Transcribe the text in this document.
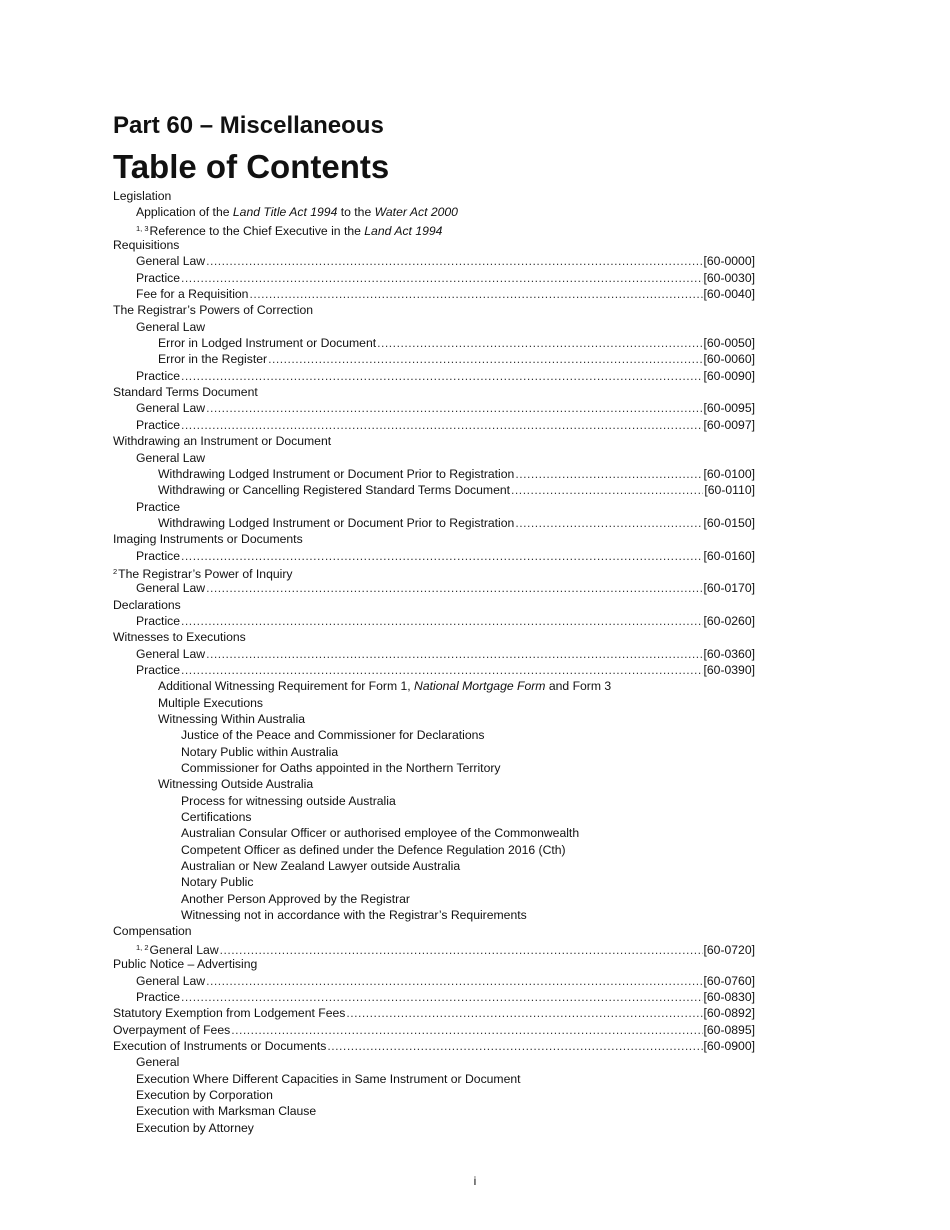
Part 60 – Miscellaneous
Table of Contents
Legislation
Application of the Land Title Act 1994 to the Water Act 2000
$^{1, 3}$Reference to the Chief Executive in the Land Act 1994
Requisitions
General Law .....	[60-0000]
Practice .....	[60-0030]
Fee for a Requisition .....	[60-0040]
The Registrar’s Powers of Correction
General Law
Error in Lodged Instrument or Document .....	[60-0050]
Error in the Register .....	[60-0060]
Practice .....	[60-0090]
Standard Terms Document
General Law .....	[60-0095]
Practice .....	[60-0097]
Withdrawing an Instrument or Document
General Law
Withdrawing Lodged Instrument or Document Prior to Registration .....	[60-0100]
Withdrawing or Cancelling Registered Standard Terms Document .....	[60-0110]
Practice
Withdrawing Lodged Instrument or Document Prior to Registration .....	[60-0150]
Imaging Instruments or Documents
Practice .....	[60-0160]
$^2$The Registrar’s Power of Inquiry
General Law .....	[60-0170]
Declarations
Practice .....	[60-0260]
Witnesses to Executions
General Law .....	[60-0360]
Practice .....	[60-0390]
Additional Witnessing Requirement for Form 1, National Mortgage Form and Form 3
Multiple Executions
Witnessing Within Australia
Justice of the Peace and Commissioner for Declarations
Notary Public within Australia
Commissioner for Oaths appointed in the Northern Territory
Witnessing Outside Australia
Process for witnessing outside Australia
Certifications
Australian Consular Officer or authorised employee of the Commonwealth
Competent Officer as defined under the Defence Regulation 2016 (Cth)
Australian or New Zealand Lawyer outside Australia
Notary Public
Another Person Approved by the Registrar
Witnessing not in accordance with the Registrar’s Requirements
Compensation
$^{1, 2}$General Law .....	[60-0720]
Public Notice – Advertising
General Law .....	[60-0760]
Practice .....	[60-0830]
Statutory Exemption from Lodgement Fees .....	[60-0892]
Overpayment of Fees .....	[60-0895]
Execution of Instruments or Documents .....	[60-0900]
General
Execution Where Different Capacities in Same Instrument or Document
Execution by Corporation
Execution with Marksman Clause
Execution by Attorney
i
